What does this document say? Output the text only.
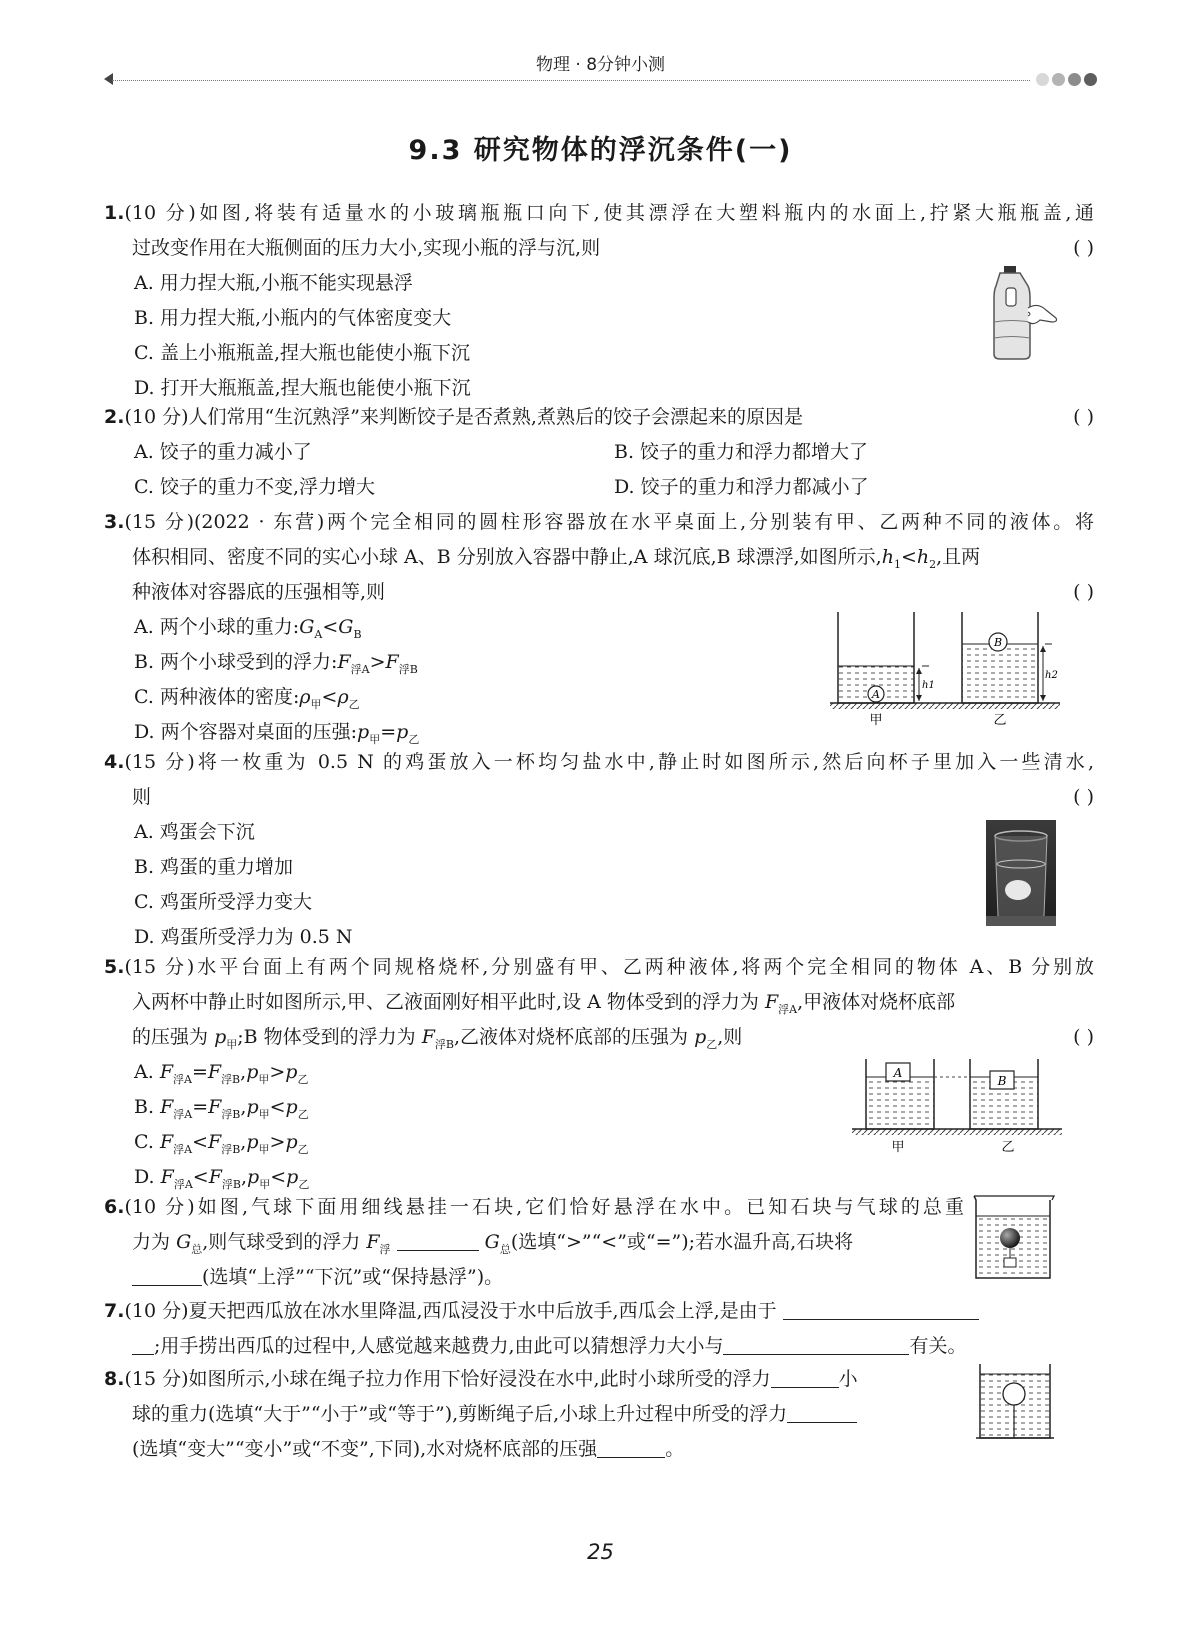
物理 · 8分钟小测
9.3 研究物体的浮沉条件(一)
1.(10 分)如图,将装有适量水的小玻璃瓶瓶口向下,使其漂浮在大塑料瓶内的水面上,拧紧大瓶瓶盖,通
过改变作用在大瓶侧面的压力大小,实现小瓶的浮与沉,则	( )
A. 用力捏大瓶,小瓶不能实现悬浮
B. 用力捏大瓶,小瓶内的气体密度变大
C. 盖上小瓶瓶盖,捏大瓶也能使小瓶下沉
D. 打开大瓶瓶盖,捏大瓶也能使小瓶下沉
2.(10 分)人们常用“生沉熟浮”来判断饺子是否煮熟,煮熟后的饺子会漂起来的原因是	( )
A. 饺子的重力减小了	B. 饺子的重力和浮力都增大了
C. 饺子的重力不变,浮力增大	D. 饺子的重力和浮力都减小了
3.(15 分)(2022 · 东营)两个完全相同的圆柱形容器放在水平桌面上,分别装有甲、乙两种不同的液体。将
体积相同、密度不同的实心小球 A、B 分别放入容器中静止,A 球沉底,B 球漂浮,如图所示$,h_1<h_2$,且两
种液体对容器底的压强相等,则	( )
A. 两个小球的重力$:G_A<G_B$
B. 两个小球受到的浮力$:F_{浮A}>F_{浮B}$
C. 两种液体的密度$:\rho_甲<\rho_乙$
D. 两个容器对桌面的压强$:p_甲=p_乙$
A
h1
B
h2
甲	乙
4.(15 分)将一枚重为 0.5 N 的鸡蛋放入一杯均匀盐水中,静止时如图所示,然后向杯子里加入一些清水,
则	( )
A. 鸡蛋会下沉
B. 鸡蛋的重力增加
C. 鸡蛋所受浮力变大
D. 鸡蛋所受浮力为 0.5 N
5.(15 分)水平台面上有两个同规格烧杯,分别盛有甲、乙两种液体,将两个完全相同的物体 A、B 分别放
入两杯中静止时如图所示,甲、乙液面刚好相平此时,设 A 物体受到的浮力为 $F_{浮A}$,甲液体对烧杯底部
的压强为 $p_甲;B$ 物体受到的浮力为 $F_{浮B}$,乙液体对烧杯底部的压强为 $p_乙$,则	( )
A. $F_{浮A}=F_{浮B},p_甲>p_乙$
B. $F_{浮A}=F_{浮B},p_甲<p_乙$
C. $F_{浮A}<F_{浮B},p_甲>p_乙$
D. $F_{浮A}<F_{浮B},p_甲<p_乙$
A
B
甲	乙
6.(10 分)如图,气球下面用细线悬挂一石块,它们恰好悬浮在水中。已知石块与气球的总重
力为 $G_总$,则气球受到的浮力 $F_浮$	$G_总$(选填“>”“<”或“=”);若水温升高,石块将
(选填“上浮”“下沉”或“保持悬浮”)。
7.(10 分)夏天把西瓜放在冰水里降温,西瓜浸没于水中后放手,西瓜会上浮,是由于
;用手捞出西瓜的过程中,人感觉越来越费力,由此可以猜想浮力大小与	有关。
8.(15 分)如图所示,小球在绳子拉力作用下恰好浸没在水中,此时小球所受的浮力	小
球的重力(选填“大于”“小于”或“等于”),剪断绳子后,小球上升过程中所受的浮力
(选填“变大”“变小”或“不变”,下同),水对烧杯底部的压强	。
25
